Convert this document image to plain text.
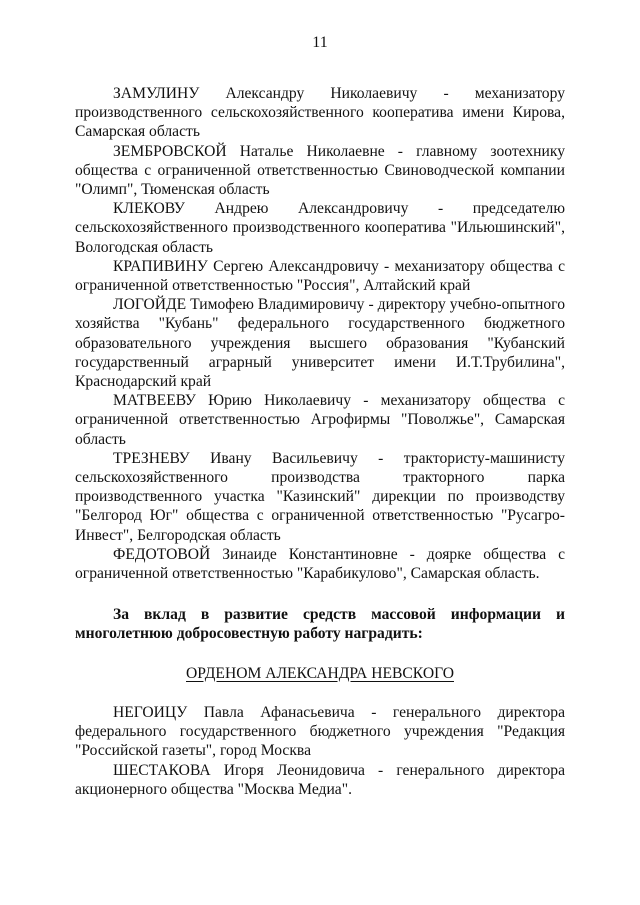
11

ЗАМУЛИНУ Александру Николаевичу - механизатору производственного сельскохозяйственного кооператива имени Кирова, Самарская область

ЗЕМБРОВСКОЙ Наталье Николаевне - главному зоотехнику общества с ограниченной ответственностью Свиноводческой компании "Олимп", Тюменская область

КЛЕКОВУ Андрею Александровичу - председателю сельскохозяйственного производственного кооператива "Ильюшинский", Вологодская область

КРАПИВИНУ Сергею Александровичу - механизатору общества с ограниченной ответственностью "Россия", Алтайский край

ЛОГОЙДЕ Тимофею Владимировичу - директору учебно-опытного хозяйства "Кубань" федерального государственного бюджетного образовательного учреждения высшего образования "Кубанский государственный аграрный университет имени И.Т.Трубилина", Краснодарский край

МАТВЕЕВУ Юрию Николаевичу - механизатору общества с ограниченной ответственностью Агрофирмы "Поволжье", Самарская область

ТРЕЗНЕВУ Ивану Васильевичу - трактористу-машинисту сельскохозяйственного производства тракторного парка производственного участка "Казинский" дирекции по производству "Белгород Юг" общества с ограниченной ответственностью "Русагро-Инвест", Белгородская область

ФЕДОТОВОЙ Зинаиде Константиновне - доярке общества с ограниченной ответственностью "Карабикулово", Самарская область.

За вклад в развитие средств массовой информации и многолетнюю добросовестную работу наградить:

ОРДЕНОМ АЛЕКСАНДРА НЕВСКОГО

НЕГОИЦУ Павла Афанасьевича - генерального директора федерального государственного бюджетного учреждения "Редакция "Российской газеты", город Москва

ШЕСТАКОВА Игоря Леонидовича - генерального директора акционерного общества "Москва Медиа".
